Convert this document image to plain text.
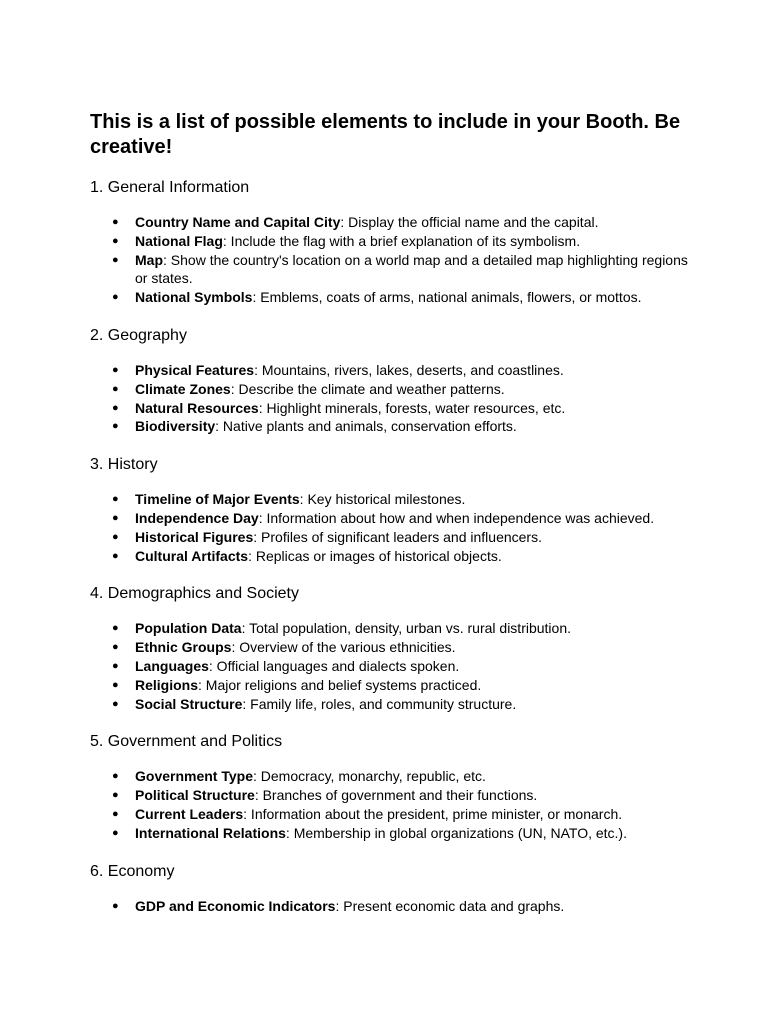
This is a list of possible elements to include in your Booth. Be creative!
1. General Information
● Country Name and Capital City: Display the official name and the capital.
● National Flag: Include the flag with a brief explanation of its symbolism.
● Map: Show the country's location on a world map and a detailed map highlighting regions or states.
● National Symbols: Emblems, coats of arms, national animals, flowers, or mottos.
2. Geography
● Physical Features: Mountains, rivers, lakes, deserts, and coastlines.
● Climate Zones: Describe the climate and weather patterns.
● Natural Resources: Highlight minerals, forests, water resources, etc.
● Biodiversity: Native plants and animals, conservation efforts.
3. History
● Timeline of Major Events: Key historical milestones.
● Independence Day: Information about how and when independence was achieved.
● Historical Figures: Profiles of significant leaders and influencers.
● Cultural Artifacts: Replicas or images of historical objects.
4. Demographics and Society
● Population Data: Total population, density, urban vs. rural distribution.
● Ethnic Groups: Overview of the various ethnicities.
● Languages: Official languages and dialects spoken.
● Religions: Major religions and belief systems practiced.
● Social Structure: Family life, roles, and community structure.
5. Government and Politics
● Government Type: Democracy, monarchy, republic, etc.
● Political Structure: Branches of government and their functions.
● Current Leaders: Information about the president, prime minister, or monarch.
● International Relations: Membership in global organizations (UN, NATO, etc.).
6. Economy
● GDP and Economic Indicators: Present economic data and graphs.
